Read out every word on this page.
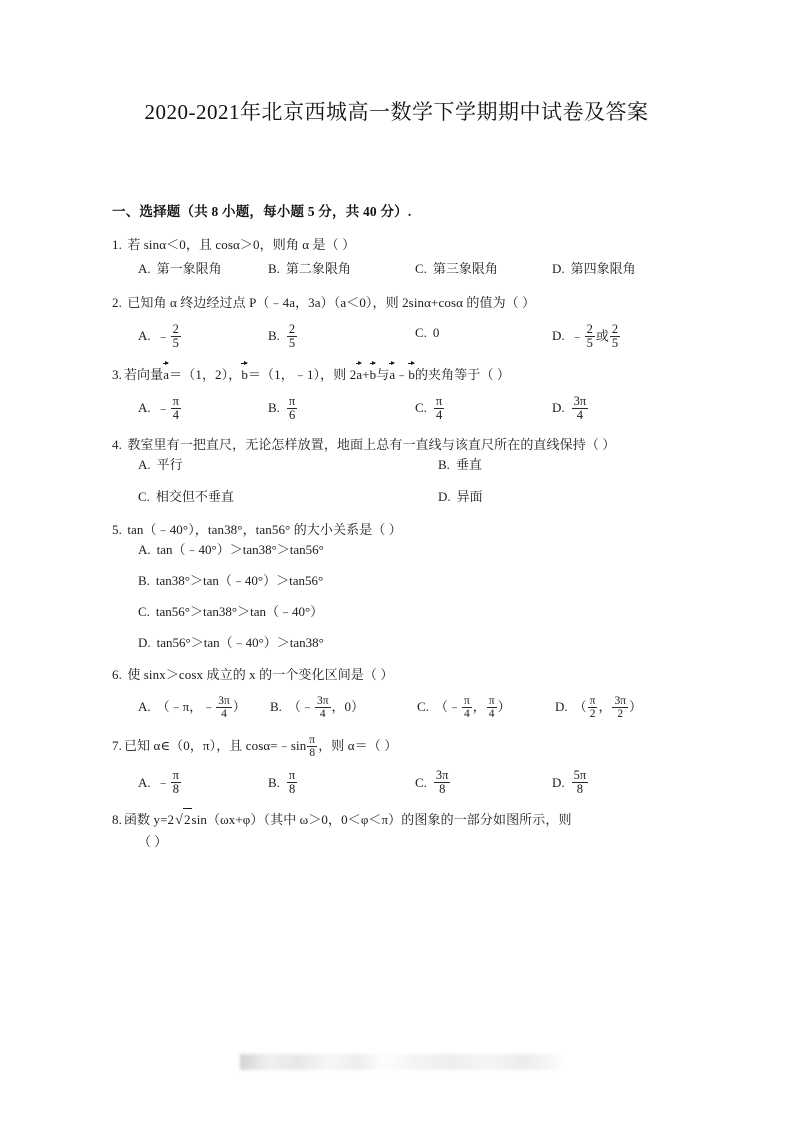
2020-2021年北京西城高一数学下学期期中试卷及答案
一、选择题（共 8 小题，每小题 5 分，共 40 分）.
1. 若 sinα＜0，且 cosα＞0，则角 α 是（ ）
A. 第一象限角	B. 第二象限角	C. 第三象限角	D. 第四象限角
2. 已知角 α 终边经过点 P（﹣4a，3a）（a＜0），则 2sinα+cosα 的值为（ ）
A. ﹣ $\frac{2}{5}$	B. $\frac{2}{5}$	C. 0	D. ﹣ $\frac{2}{5}$ 或 $\frac{2}{5}$
3. 若向量a＝（1，2），b＝（1，﹣1），则 2a+b与a﹣b的夹角等于（ ）
A. ﹣ $\frac{\pi}{4}$	B. $\frac{\pi}{6}$	C. $\frac{\pi}{4}$	D. $\frac{3\pi}{4}$
4. 教室里有一把直尺，无论怎样放置，地面上总有一直线与该直尺所在的直线保持（ ）
A. 平行	B. 垂直
C. 相交但不垂直	D. 异面
5. tan（﹣40°），tan38°，tan56° 的大小关系是（ ）
A. tan（﹣40°）＞tan38°＞tan56°
B. tan38°＞tan（﹣40°）＞tan56°
C. tan56°＞tan38°＞tan（﹣40°）
D. tan56°＞tan（﹣40°）＞tan38°
6. 使 sinx＞cosx 成立的 x 的一个变化区间是（ ）
A. （﹣π，﹣ $\frac{3\pi}{4}$ ） B. （﹣ $\frac{3\pi}{4}$ ，0）	C. （﹣ $\frac{\pi}{4}$ ， $\frac{\pi}{4}$ ）	D. （ $\frac{\pi}{2}$ ， $\frac{3\pi}{2}$ ）
7. 已知 α∈（0，π），且 cosα=﹣sin $\frac{\pi}{8}$ ，则 α＝（ ）
A. ﹣ $\frac{\pi}{8}$	B. $\frac{\pi}{8}$	C. $\frac{3\pi}{8}$	D. $\frac{5\pi}{8}$
8. 函数 y=2√2sin（ωx+φ）（其中 ω＞0，0＜φ＜π）的图象的一部分如图所示，则
（ ）
